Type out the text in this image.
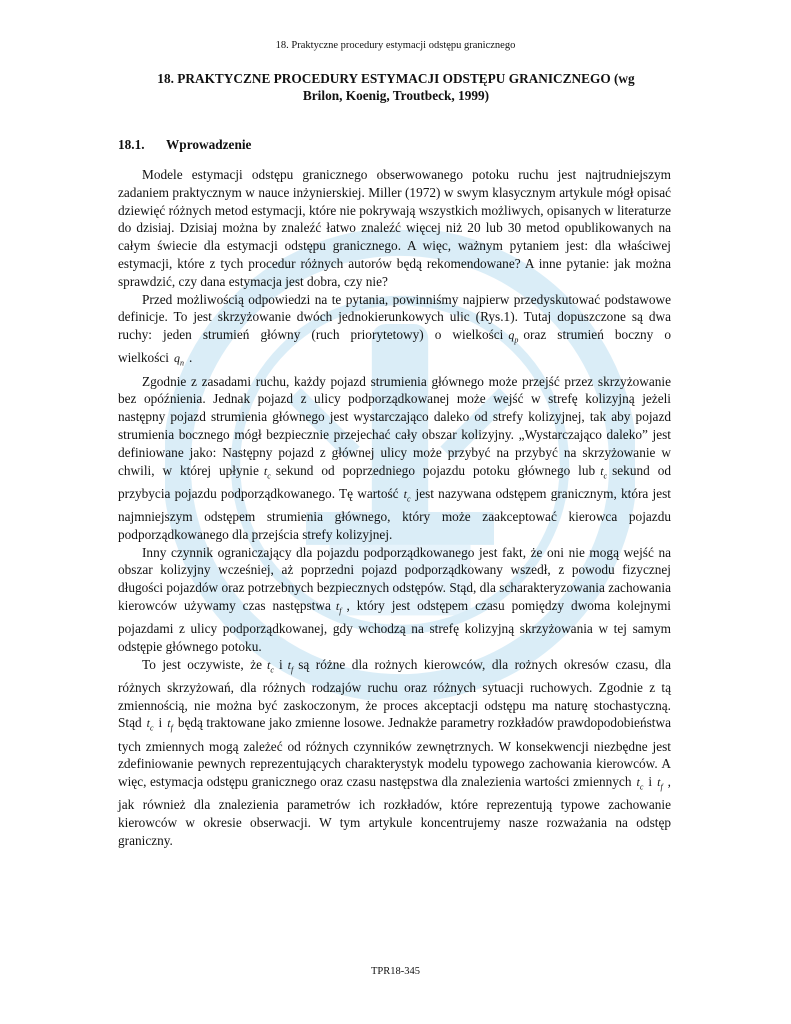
18. Praktyczne procedury estymacji odstępu granicznego
18. PRAKTYCZNE PROCEDURY ESTYMACJI ODSTĘPU GRANICZNEGO (wg
Brilon, Koenig, Troutbeck, 1999)
18.1. Wprowadzenie

Modele estymacji odstępu granicznego obserwowanego potoku ruchu jest najtrudniejszym zadaniem praktycznym w nauce inżynierskiej. Miller (1972) w swym klasycznym artykule mógł opisać dziewięć różnych metod estymacji, które nie pokrywają wszystkich możliwych, opisanych w literaturze do dzisiaj. Dzisiaj można by znaleźć łatwo znaleźć więcej niż 20 lub 30 metod opublikowanych na całym świecie dla estymacji odstępu granicznego. A więc, ważnym pytaniem jest: dla właściwej estymacji, które z tych procedur różnych autorów będą rekomendowane? A inne pytanie: jak można sprawdzić, czy dana estymacja jest dobra, czy nie?

Przed możliwością odpowiedzi na te pytania, powinniśmy najpierw przedyskutować podstawowe definicje. To jest skrzyżowanie dwóch jednokierunkowych ulic (Rys.1). Tutaj dopuszczone są dwa ruchy: jeden strumień główny (ruch priorytetowy) o wielkości $q_p$ oraz strumień boczny o wielkości $q_n$ .

Zgodnie z zasadami ruchu, każdy pojazd strumienia głównego może przejść przez skrzyżowanie bez opóźnienia. Jednak pojazd z ulicy podporządkowanej może wejść w strefę kolizyjną jeżeli następny pojazd strumienia głównego jest wystarczająco daleko od strefy kolizyjnej, tak aby pojazd strumienia bocznego mógł bezpiecznie przejechać cały obszar kolizyjny. „Wystarczająco daleko” jest definiowane jako: Następny pojazd z głównej ulicy może przybyć na przybyć na skrzyżowanie w chwili, w której upłynie $t_c$ sekund od poprzedniego pojazdu potoku głównego lub $t_c$ sekund od przybycia pojazdu podporządkowanego. Tę wartość $t_c$ jest nazywana odstępem granicznym, która jest najmniejszym odstępem strumienia głównego, który może zaakceptować kierowca pojazdu podporządkowanego dla przejścia strefy kolizyjnej.

Inny czynnik ograniczający dla pojazdu podporządkowanego jest fakt, że oni nie mogą wejść na obszar kolizyjny wcześniej, aż poprzedni pojazd podporządkowany wszedł, z powodu fizycznej długości pojazdów oraz potrzebnych bezpiecznych odstępów. Stąd, dla scharakteryzowania zachowania kierowców używamy czas następstwa $t_f$ , który jest odstępem czasu pomiędzy dwoma kolejnymi pojazdami z ulicy podporządkowanej, gdy wchodzą na strefę kolizyjną skrzyżowania w tej samym odstępie głównego potoku.

To jest oczywiste, że $t_c$ i $t_f$ są różne dla rożnych kierowców, dla rożnych okresów czasu, dla różnych skrzyżowań, dla różnych rodzajów ruchu oraz różnych sytuacji ruchowych. Zgodnie z tą zmiennością, nie można być zaskoczonym, że proces akceptacji odstępu ma naturę stochastyczną. Stąd $t_c$ i $t_f$ będą traktowane jako zmienne losowe. Jednakże parametry rozkładów prawdopodobieństwa tych zmiennych mogą zależeć od różnych czynników zewnętrznych. W konsekwencji niezbędne jest zdefiniowanie pewnych reprezentujących charakterystyk modelu typowego zachowania kierowców. A więc, estymacja odstępu granicznego oraz czasu następstwa dla znalezienia wartości zmiennych $t_c$ i $t_f$ , jak również dla znalezienia parametrów ich rozkładów, które reprezentują typowe zachowanie kierowców w okresie obserwacji. W tym artykule koncentrujemy nasze rozważania na odstęp graniczny.

TPR18-345
